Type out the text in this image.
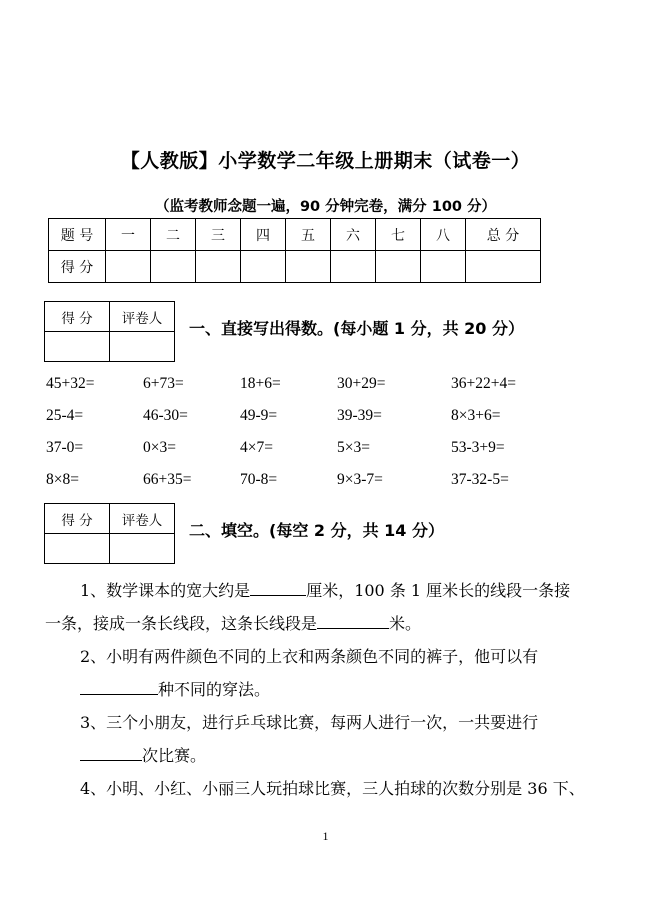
【人教版】小学数学二年级上册期末（试卷一）
（监考教师念题一遍，90 分钟完卷，满分 100 分）
题 号	一	二	三	四	五	六	七	八	总 分
得 分									
得 分	评卷人

一、直接写出得数。(每小题 1 分，共 20 分）
45+32=	6+73=	18+6=	30+29=	36+22+4=
25-4=	46-30=	49-9=	39-39=	8×3+6=
37-0=	0×3=	4×7=	5×3=	53-3+9=
8×8=	66+35=	70-8=	9×3-7=	37-32-5=
得 分	评卷人

二、填空。(每空 2 分，共 14 分）
1、数学课本的宽大约是	厘米，100 条 1 厘米长的线段一条接
一条，接成一条长线段，这条长线段是	米。
2、小明有两件颜色不同的上衣和两条颜色不同的裤子，他可以有
种不同的穿法。
3、三个小朋友，进行乒乓球比赛，每两人进行一次，一共要进行
次比赛。
4、小明、小红、小丽三人玩拍球比赛，三人拍球的次数分别是 36 下、
1
